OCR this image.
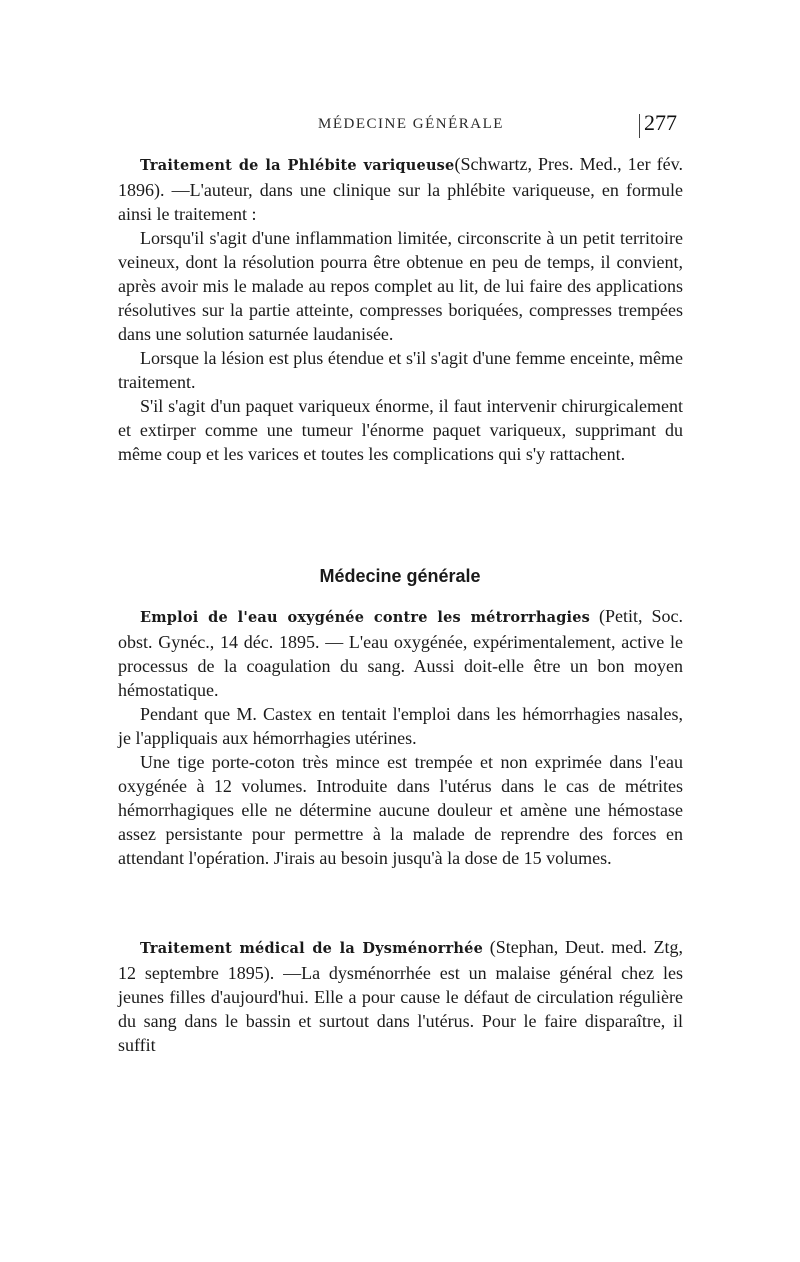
MÉDECINE GÉNÉRALE	277

Traitement de la Phlébite variqueuse(Schwartz, Pres. Med., 1er fév. 1896). —L'auteur, dans une clinique sur la phlébite variqueuse, en formule ainsi le traitement :

Lorsqu'il s'agit d'une inflammation limitée, circonscrite à un petit territoire veineux, dont la résolution pourra être obtenue en peu de temps, il convient, après avoir mis le malade au repos complet au lit, de lui faire des applications résolutives sur la partie atteinte, compresses boriquées, compresses trempées dans une solution saturnée laudanisée.

Lorsque la lésion est plus étendue et s'il s'agit d'une femme enceinte, même traitement.

S'il s'agit d'un paquet variqueux énorme, il faut intervenir chirurgicalement et extirper comme une tumeur l'énorme paquet variqueux, supprimant du même coup et les varices et toutes les complications qui s'y rattachent.

Médecine générale

Emploi de l'eau oxygénée contre les métrorrhagies (Petit, Soc. obst. Gynéc., 14 déc. 1895. — L'eau oxygénée, expérimentalement, active le processus de la coagulation du sang. Aussi doit-elle être un bon moyen hémostatique.

Pendant que M. Castex en tentait l'emploi dans les hémorrhagies nasales, je l'appliquais aux hémorrhagies utérines.

Une tige porte-coton très mince est trempée et non exprimée dans l'eau oxygénée à 12 volumes. Introduite dans l'utérus dans le cas de métrites hémorrhagiques elle ne détermine aucune douleur et amène une hémostase assez persistante pour permettre à la malade de reprendre des forces en attendant l'opération. J'irais au besoin jusqu'à la dose de 15 volumes.

Traitement médical de la Dysménorrhée (Stephan, Deut. med. Ztg, 12 septembre 1895). —La dysménorrhée est un malaise général chez les jeunes filles d'aujourd'hui. Elle a pour cause le défaut de circulation régulière du sang dans le bassin et surtout dans l'utérus. Pour le faire disparaître, il suffit
